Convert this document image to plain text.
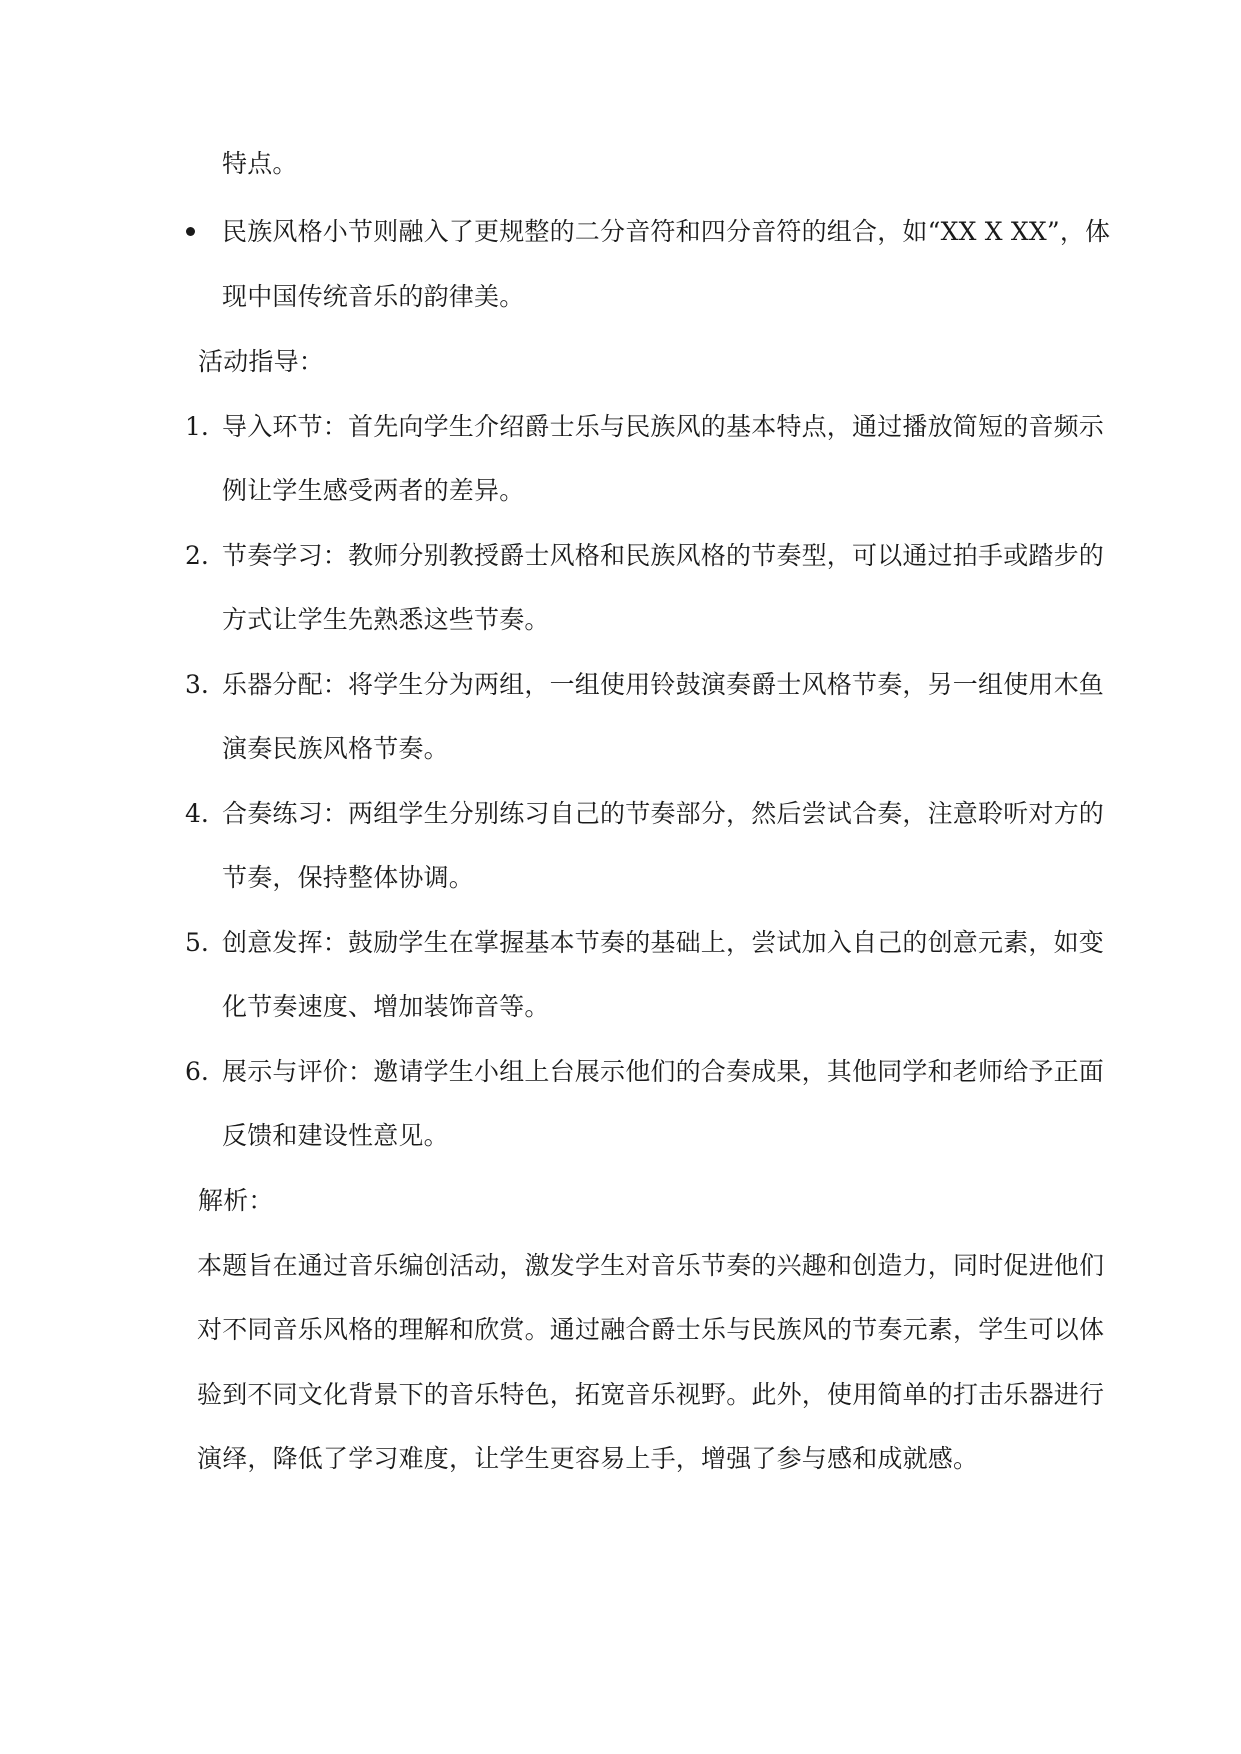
特点。
民族风格小节则融入了更规整的二分音符和四分音符的组合，如“XX X XX”，体
现中国传统音乐的韵律美。
活动指导：
1. 导入环节：首先向学生介绍爵士乐与民族风的基本特点，通过播放简短的音频示
例让学生感受两者的差异。
2. 节奏学习：教师分别教授爵士风格和民族风格的节奏型，可以通过拍手或踏步的
方式让学生先熟悉这些节奏。
3. 乐器分配：将学生分为两组，一组使用铃鼓演奏爵士风格节奏，另一组使用木鱼
演奏民族风格节奏。
4. 合奏练习：两组学生分别练习自己的节奏部分，然后尝试合奏，注意聆听对方的
节奏，保持整体协调。
5. 创意发挥：鼓励学生在掌握基本节奏的基础上，尝试加入自己的创意元素，如变
化节奏速度、增加装饰音等。
6. 展示与评价：邀请学生小组上台展示他们的合奏成果，其他同学和老师给予正面
反馈和建设性意见。
解析：
本题旨在通过音乐编创活动，激发学生对音乐节奏的兴趣和创造力，同时促进他们
对不同音乐风格的理解和欣赏。通过融合爵士乐与民族风的节奏元素，学生可以体
验到不同文化背景下的音乐特色，拓宽音乐视野。此外，使用简单的打击乐器进行
演绎，降低了学习难度，让学生更容易上手，增强了参与感和成就感。
